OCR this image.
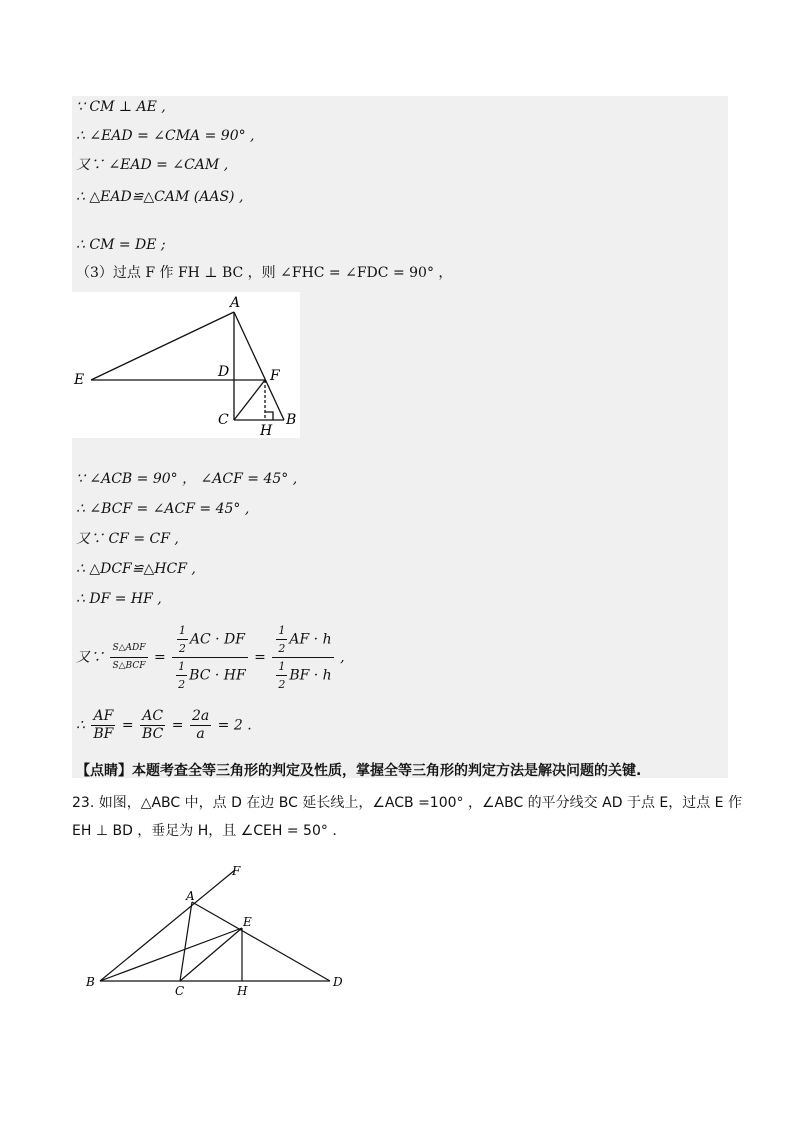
∵ CM ⊥ AE ,
∴ ∠EAD = ∠CMA = 90° ,
又∵ ∠EAD = ∠CAM ,
∴ △EAD≌△CAM (AAS) ,
∴ CM = DE ;
（3）过点 F 作 FH ⊥ BC ，则 ∠FHC = ∠FDC = 90° ，
A
E	D	F
C
H
B
∵ ∠ACB = 90° ， ∠ACF = 45° ,
∴ ∠BCF = ∠ACF = 45° ,
又∵ CF = CF ,
∴ △DCF≌△HCF ,
∴ DF = HF ,
又∵ $\frac{\text{S△ADF}}{\text{S△BCF}} = \frac{\frac{1}{2} AC \cdot DF}{\frac{1}{2} BC \cdot HF} = \frac{\frac{1}{2} AF \cdot h}{\frac{1}{2} BF \cdot h}$ ,
∴ $\frac{AF}{BF} = \frac{AC}{BC} = \frac{2a}{a} = 2$ .
【点睛】本题考查全等三角形的判定及性质，掌握全等三角形的判定方法是解决问题的关键.
23. 如图，△ABC 中，点 D 在边 BC 延长线上，∠ACB =100° ，∠ABC 的平分线交 AD 于点 E，过点 E 作
EH ⊥ BD ，垂足为 H，且 ∠CEH = 50° .
F
A
E
B
C	H
D
